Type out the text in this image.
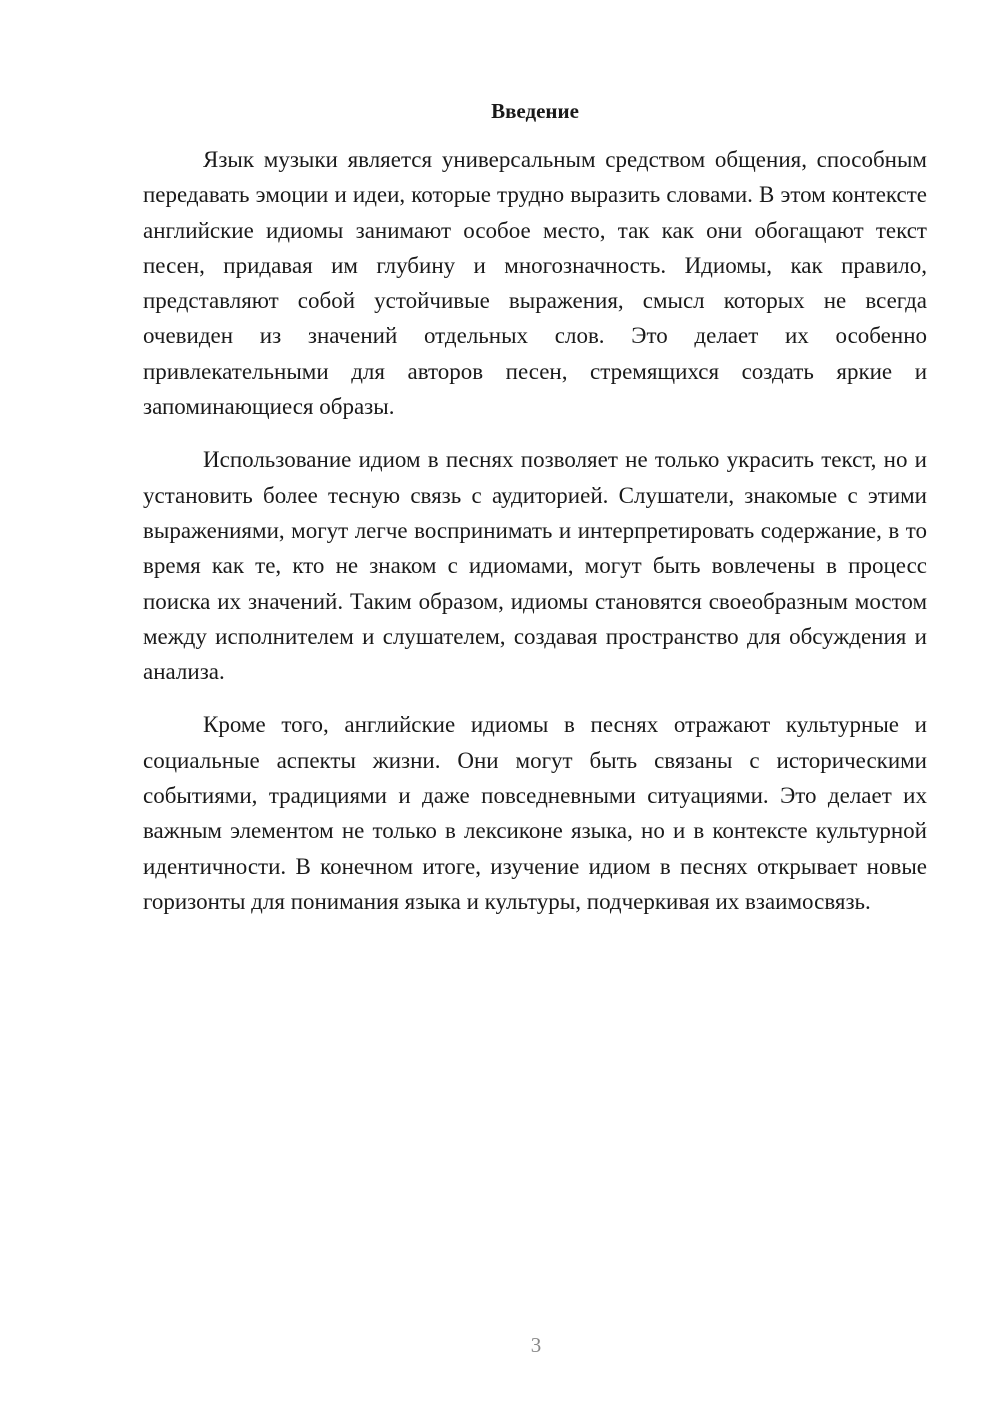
Введение

Язык музыки является универсальным средством общения, способным передавать эмоции и идеи, которые трудно выразить словами. В этом контексте английские идиомы занимают особое место, так как они обогащают текст песен, придавая им глубину и многозначность. Идиомы, как правило, представляют собой устойчивые выражения, смысл которых не всегда очевиден из значений отдельных слов. Это делает их особенно привлекательными для авторов песен, стремящихся создать яркие и запоминающиеся образы.

Использование идиом в песнях позволяет не только украсить текст, но и установить более тесную связь с аудиторией. Слушатели, знакомые с этими выражениями, могут легче воспринимать и интерпретировать содержание, в то время как те, кто не знаком с идиомами, могут быть вовлечены в процесс поиска их значений. Таким образом, идиомы становятся своеобразным мостом между исполнителем и слушателем, создавая пространство для обсуждения и анализа.

Кроме того, английские идиомы в песнях отражают культурные и социальные аспекты жизни. Они могут быть связаны с историческими событиями, традициями и даже повседневными ситуациями. Это делает их важным элементом не только в лексиконе языка, но и в контексте культурной идентичности. В конечном итоге, изучение идиом в песнях открывает новые горизонты для понимания языка и культуры, подчеркивая их взаимосвязь.

3
